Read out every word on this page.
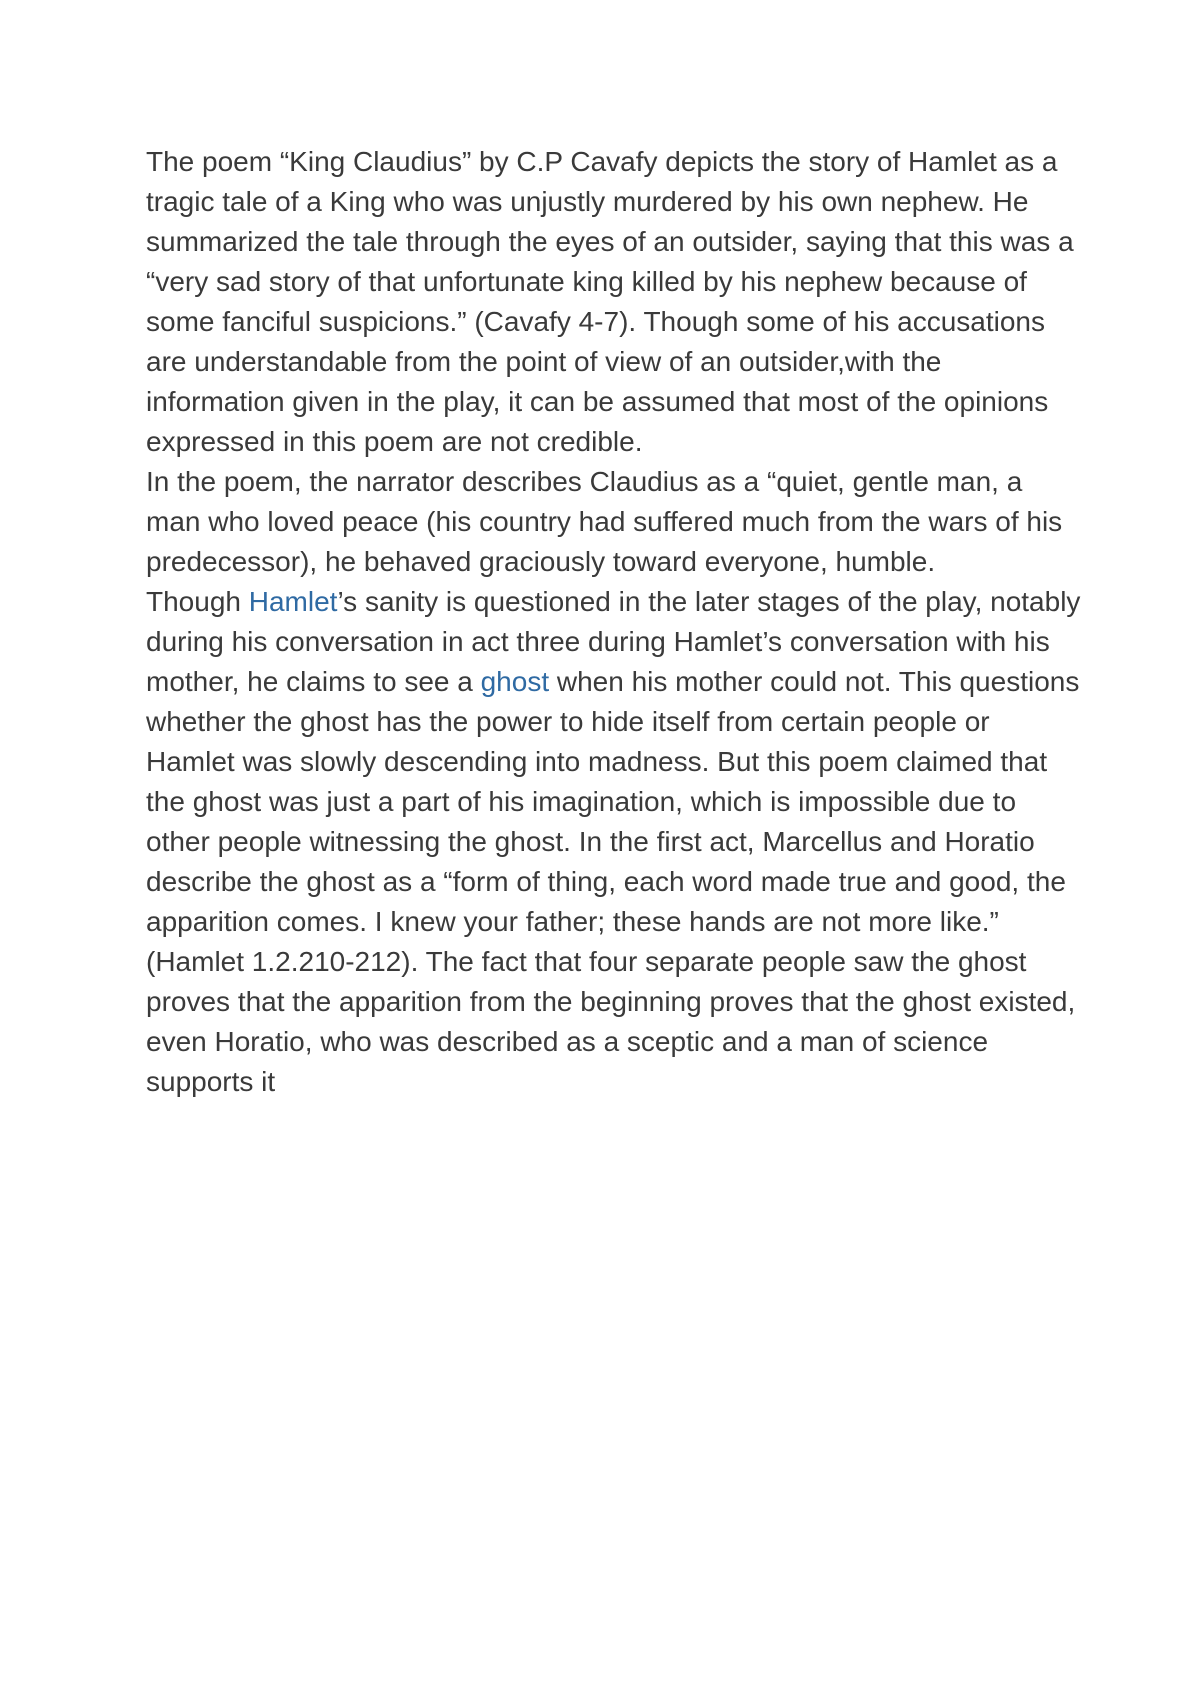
The poem “King Claudius” by C.P Cavafy depicts the story of Hamlet as a tragic tale of a King who was unjustly murdered by his own nephew. He summarized the tale through the eyes of an outsider, saying that this was a “very sad story of that unfortunate king killed by his nephew because of some fanciful suspicions.” (Cavafy 4-7). Though some of his accusations are understandable from the point of view of an outsider,with the information given in the play, it can be assumed that most of the opinions expressed in this poem are not credible.

In the poem, the narrator describes Claudius as a “quiet, gentle man, a man who loved peace (his country had suffered much from the wars of his predecessor), he behaved graciously toward everyone, humble.

Though Hamlet’s sanity is questioned in the later stages of the play, notably during his conversation in act three during Hamlet’s conversation with his mother, he claims to see a ghost when his mother could not. This questions whether the ghost has the power to hide itself from certain people or Hamlet was slowly descending into madness. But this poem claimed that the ghost was just a part of his imagination, which is impossible due to other people witnessing the ghost. In the first act, Marcellus and Horatio describe the ghost as a “form of thing, each word made true and good, the apparition comes. I knew your father; these hands are not more like.” (Hamlet 1.2.210-212). The fact that four separate people saw the ghost proves that the apparition from the beginning proves that the ghost existed, even Horatio, who was described as a sceptic and a man of science supports it
